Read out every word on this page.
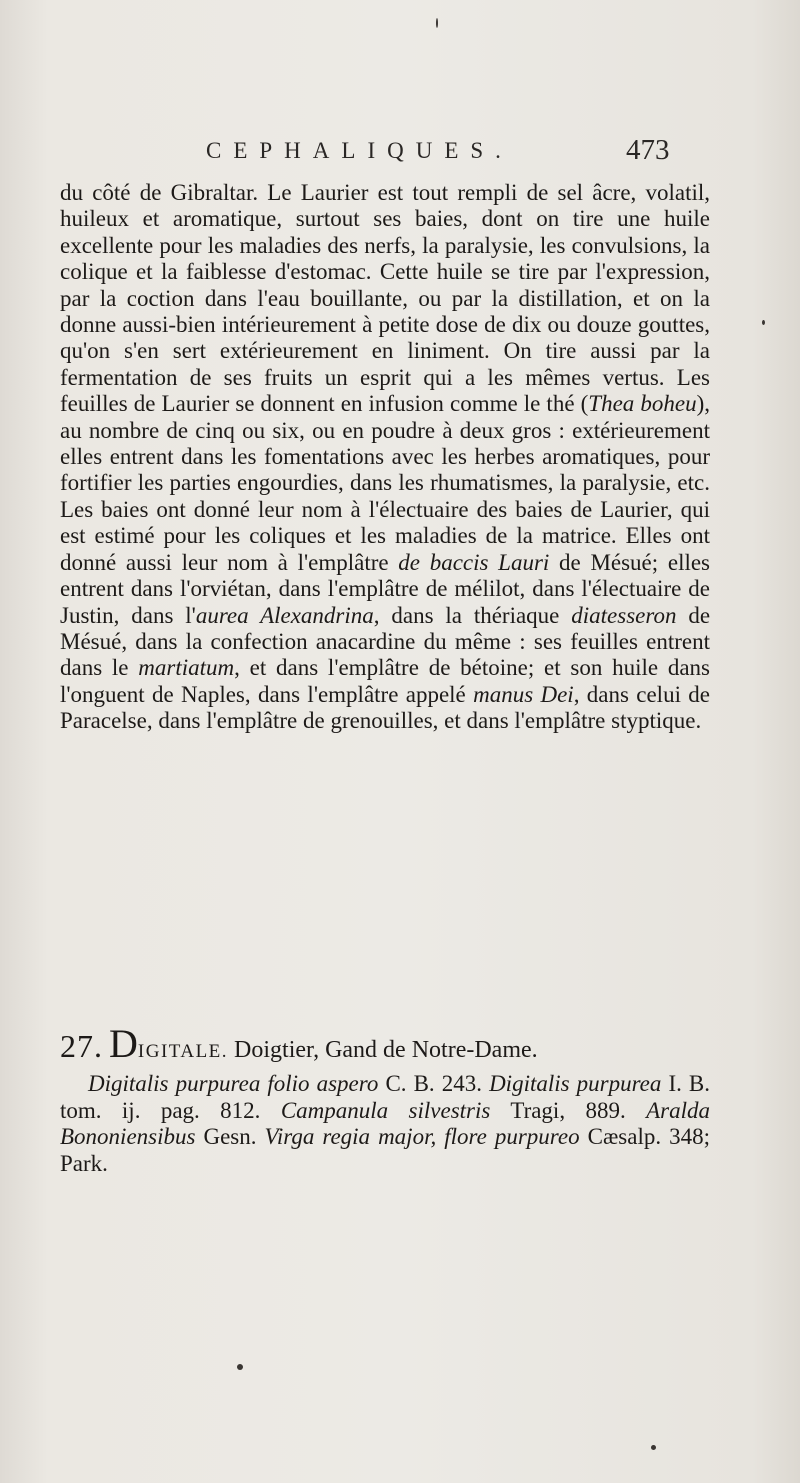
CEPHALIQUES.	473

du côté de Gibraltar. Le Laurier est tout rempli de sel âcre, volatil, huileux et aromatique, surtout ses baies, dont on tire une huile excellente pour les maladies des nerfs, la paralysie, les convulsions, la colique et la faiblesse d'estomac. Cette huile se tire par l'expression, par la coction dans l'eau bouillante, ou par la distillation, et on la donne aussi-bien intérieurement à petite dose de dix ou douze gouttes, qu'on s'en sert extérieurement en liniment. On tire aussi par la fermentation de ses fruits un esprit qui a les mêmes vertus. Les feuilles de Laurier se donnent en infusion comme le thé (Thea boheu), au nombre de cinq ou six, ou en poudre à deux gros : extérieurement elles entrent dans les fomentations avec les herbes aromatiques, pour fortifier les parties engourdies, dans les rhumatismes, la paralysie, etc. Les baies ont donné leur nom à l'électuaire des baies de Laurier, qui est estimé pour les coliques et les maladies de la matrice. Elles ont donné aussi leur nom à l'emplâtre de baccis Lauri de Mésué; elles entrent dans l'orviétan, dans l'emplâtre de mélilot, dans l'électuaire de Justin, dans l'aurea Alexandrina, dans la thériaque diatesseron de Mésué, dans la confection anacardine du même : ses feuilles entrent dans le martiatum, et dans l'emplâtre de bétoine; et son huile dans l'onguent de Naples, dans l'emplâtre appelé manus Dei, dans celui de Paracelse, dans l'emplâtre de grenouilles, et dans l'emplâtre styptique.

27. DIGITALE. Doigtier, Gand de Notre-Dame.

Digitalis purpurea folio aspero C. B. 243. Digitalis purpurea I. B. tom. ij. pag. 812. Campanula silvestris Tragi, 889. Aralda Bononiensibus Gesn. Virga regia major, flore purpureo Cæsalp. 348; Park.
